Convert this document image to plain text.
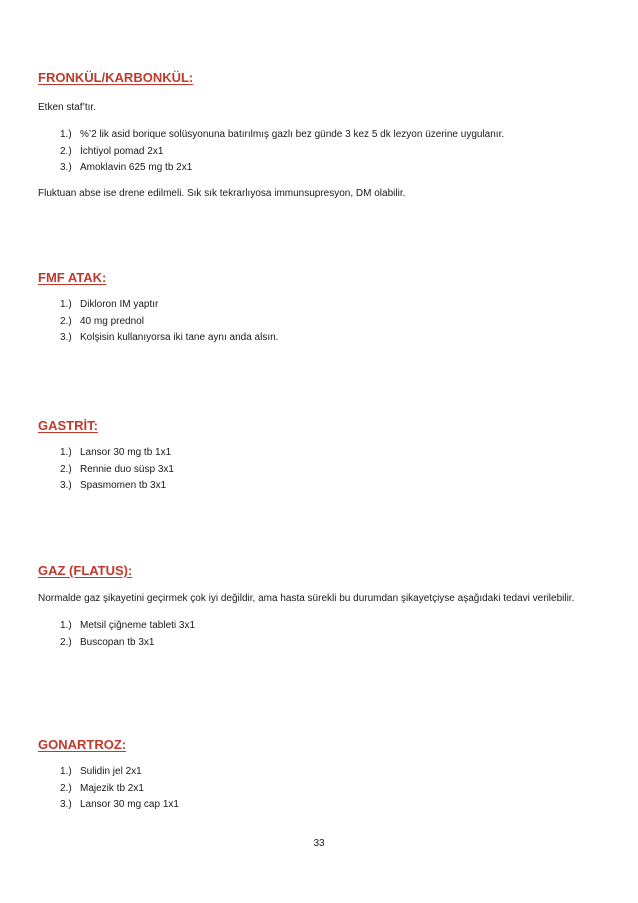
FRONKÜL/KARBONKÜL:

Etken staf’tır.

1.) %’2 lik asid borique solüsyonuna batırılmış gazlı bez günde 3 kez 5 dk lezyon üzerine uygulanır.
2.) İchtiyol pomad 2x1
3.) Amoklavin 625 mg tb 2x1

Fluktuan abse ise drene edilmeli. Sık sık tekrarlıyosa immunsupresyon, DM olabilir.

FMF ATAK:
1.) Dikloron IM yaptır
2.) 40 mg prednol
3.) Kolşisin kullanıyorsa iki tane aynı anda alsın.
GASTRİT:
1.) Lansor 30 mg tb 1x1
2.) Rennie duo süsp 3x1
3.) Spasmomen tb 3x1
GAZ (FLATUS):

Normalde gaz şikayetini geçirmek çok iyi değildir, ama hasta sürekli bu durumdan şikayetçiyse aşağıdaki tedavi verilebilir.

1.) Metsil çiğneme tableti 3x1
2.) Buscopan tb 3x1
GONARTROZ:
1.) Sulidin jel 2x1
2.) Majezik tb 2x1
3.) Lansor 30 mg cap 1x1
33
